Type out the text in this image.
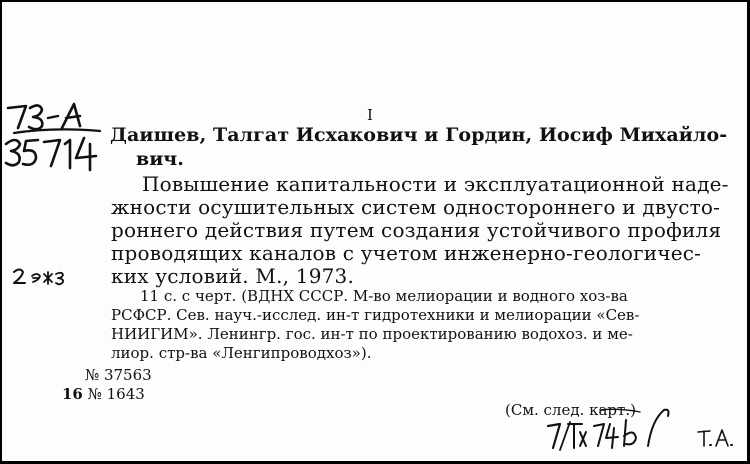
I
Даишев, Талгат Исхакович и Гордин, Иосиф Михайло-
вич.
Повышение капитальности и эксплуатационной наде-
жности осушительных систем одностороннего и двусто-
роннего действия путем создания устойчивого профиля
проводящих каналов с учетом инженерно-геологичес-
ких условий. М., 1973.
11 с. с черт. (ВДНХ СССР. М-во мелиорации и водного хоз-ва
РСФСР. Сев. науч.-исслед. ин-т гидротехники и мелиорации «Сев-
НИИГИМ». Ленингр. гос. ин-т по проектированию водохоз. и ме-
лиор. стр-ва «Ленгипроводхоз»).
№ 37563
16 № 1643
(См. след. карт.)
